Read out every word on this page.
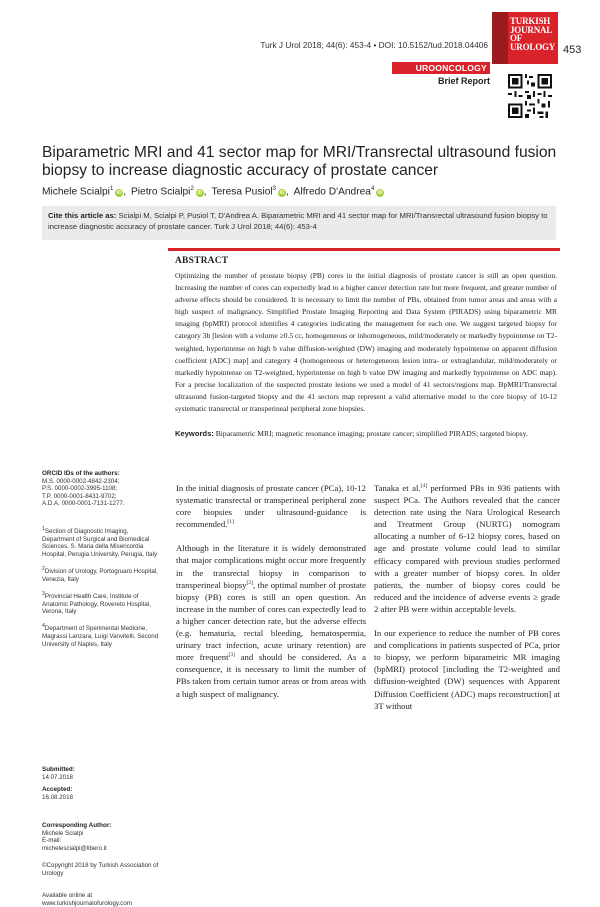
Turk J Urol 2018; 44(6): 453-4 • DOI: 10.5152/tud.2018.04406
TURKISH
JOURNAL OF
UROLOGY 453
UROONCOLOGY
Brief Report
Biparametric MRI and 41 sector map for MRI/Transrectal ultrasound fusion biopsy to increase diagnostic accuracy of prostate cancer
Michele Scialpi$^1$iD , Pietro Scialpi$^2$iD , Teresa Pusiol$^3$iD , Alfredo D'Andrea$^4$iD

Cite this article as: Scialpi M, Scialpi P, Pusiol T, D'Andrea A. Biparametric MRI and 41 sector map for MRI/Transrectal ultrasound fusion biopsy to increase diagnostic accuracy of prostate cancer. Turk J Urol 2018; 44(6): 453-4

ABSTRACT

Optimizing the number of prostate biopsy (PB) cores in the initial diagnosis of prostate cancer is still an open question. Increasing the number of cores can expectedly lead to a higher cancer detection rate but more frequent, and greater number of adverse effects should be considered. It is necessary to limit the number of PBs, obtained from tumor areas and areas with a high suspect of malignancy. Simplified Prostate Imaging Reporting and Data System (PIRADS) using biparametric MR imaging (bpMRI) protocol identifies 4 categories indicating the management for each one. We suggest targeted biopsy for category 3b [lesion with a volume ≥0.5 cc, homogeneous or inhomogeneous, mild/moderately or markedly hypointense on T2-weighted, hyperintense on high b value diffusion-weighted (DW) imaging and moderately hypointense on apparent diffusion coefficient (ADC) map] and category 4 (homogeneous or heterogeneous lesion intra- or extraglandular, mild/moderately or markedly hypointense on T2-weighted, hyperintense on high b value DW imaging and markedly hypointense on ADC map). For a precise localization of the suspected prostate lesions we used a model of 41 sectors/regions map. BpMRI/Transrectal ultrasound fusion-targeted biopsy and the 41 sectors map represent a valid alternative model to the core biopsy of 10-12 systematic transrectal or transperineal peripheral zone biopsies.

Keywords: Biparametric MRI; magnetic resonance imaging; prostate cancer; simplified PIRADS; targeted biopsy.

ORCID IDs of the authors:
M.S. 0000-0002-4842-2304;
P.S. 0000-0002-3995-1108;
T.P. 0000-0001-8431-9702;
A.D.A. 0000-0001-7131-1277.
$^1$Section of Diagnostic Imaging, Department of Surgical and Biomedical Sciences, S. Maria della Misericordia Hospital, Perugia University, Perugia, Italy
$^2$Division of Urology, Portogruaro Hospital, Venezia, Italy
$^3$Provincial Health Care, Institute of Anatomic Pathology, Rovereto Hospital, Verona, Italy
$^4$Department of Sperimental Medicine, Magrassi Lanzara, Luigi Vanvitelli, Second University of Naples, Italy
Submitted:
14.07.2018
Accepted:
16.08.2018
Corresponding Author:
Michele Scialpi
E-mail:
michelescialpi@libero.it
©Copyright 2018 by Turkish Association of Urology
Available online at
www.turkishjournalofurology.com

In the initial diagnosis of prostate cancer (PCa), 10-12 systematic transrectal or transperineal peripheral zone core biopsies under ultrasound-guidance is recommended.[1]

Although in the literature it is widely demonstrated that major complications might occur more frequently in the transrectal biopsy in comparison to transperineal biopsy[2], the optimal number of prostate biopsy (PB) cores is still an open question. An increase in the number of cores can expectedly lead to a higher cancer detection rate, but the adverse effects (e.g. hematuria, rectal bleeding, hematospermia, urinary tract infection, acute urinary retention) are more frequent[3] and should be considered. As a consequence, it is necessary to limit the number of PBs taken from certain tumor areas or from areas with a high suspect of malignancy.

Tanaka et al.[4] performed PBs in 936 patients with suspect PCa. The Authors revealed that the cancer detection rate using the Nara Urological Research and Treatment Group (NURTG) nomogram allocating a number of 6-12 biopsy cores, based on age and prostate volume could lead to similar efficacy compared with previous studies performed with a greater number of biopsy cores. In older patients, the number of biopsy cores could be reduced and the incidence of adverse events ≥ grade 2 after PB were within acceptable levels.

In our experience to reduce the number of PB cores and complications in patients suspected of PCa, prior to biopsy, we perform biparametric MR imaging (bpMRI) protocol [including the T2-weighted and diffusion-weighted (DW) sequences with Apparent Diffusion Coefficient (ADC) maps reconstruction] at 3T without
